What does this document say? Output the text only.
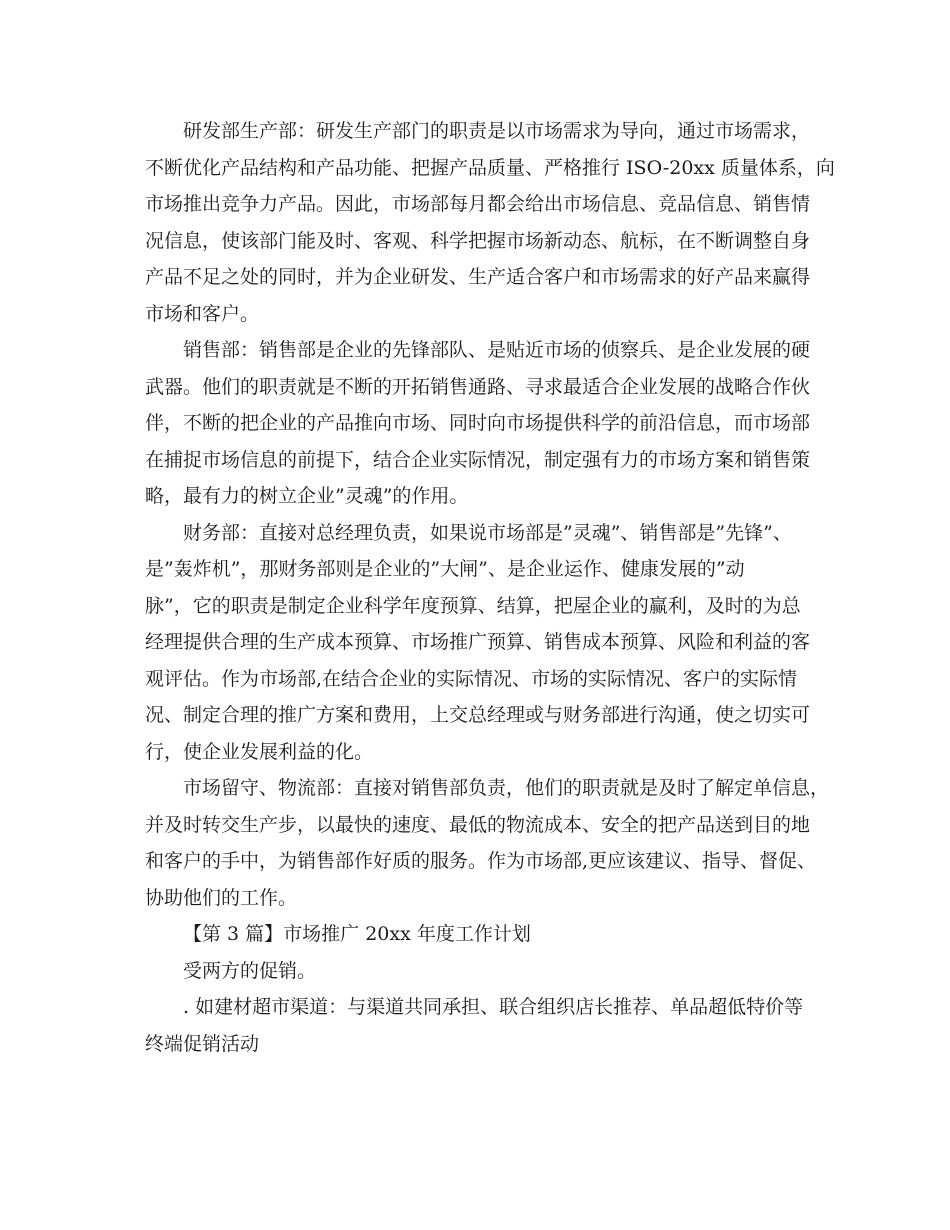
研发部生产部：研发生产部门的职责是以市场需求为导向，通过市场需求，
不断优化产品结构和产品功能、把握产品质量、严格推行 ISO-20xx 质量体系，向
市场推出竞争力产品。因此，市场部每月都会给出市场信息、竞品信息、销售情
况信息，使该部门能及时、客观、科学把握市场新动态、航标，在不断调整自身
产品不足之处的同时，并为企业研发、生产适合客户和市场需求的好产品来赢得
市场和客户。
销售部：销售部是企业的先锋部队、是贴近市场的侦察兵、是企业发展的硬
武器。他们的职责就是不断的开拓销售通路、寻求最适合企业发展的战略合作伙
伴，不断的把企业的产品推向市场、同时向市场提供科学的前沿信息，而市场部
在捕捉市场信息的前提下，结合企业实际情况，制定强有力的市场方案和销售策
略，最有力的树立企业”灵魂”的作用。
财务部：直接对总经理负责，如果说市场部是”灵魂”、销售部是”先锋”、
是”轰炸机”，那财务部则是企业的”大闸”、是企业运作、健康发展的”动
脉”，它的职责是制定企业科学年度预算、结算，把屋企业的赢利，及时的为总
经理提供合理的生产成本预算、市场推广预算、销售成本预算、风险和利益的客
观评估。作为市场部,在结合企业的实际情况、市场的实际情况、客户的实际情
况、制定合理的推广方案和费用，上交总经理或与财务部进行沟通，使之切实可
行，使企业发展利益的化。
市场留守、物流部：直接对销售部负责，他们的职责就是及时了解定单信息，
并及时转交生产步，以最快的速度、最低的物流成本、安全的把产品送到目的地
和客户的手中，为销售部作好质的服务。作为市场部,更应该建议、指导、督促、
协助他们的工作。
【第 3 篇】市场推广 20xx 年度工作计划
受两方的促销。
. 如建材超市渠道：与渠道共同承担、联合组织店长推荐、单品超低特价等
终端促销活动
